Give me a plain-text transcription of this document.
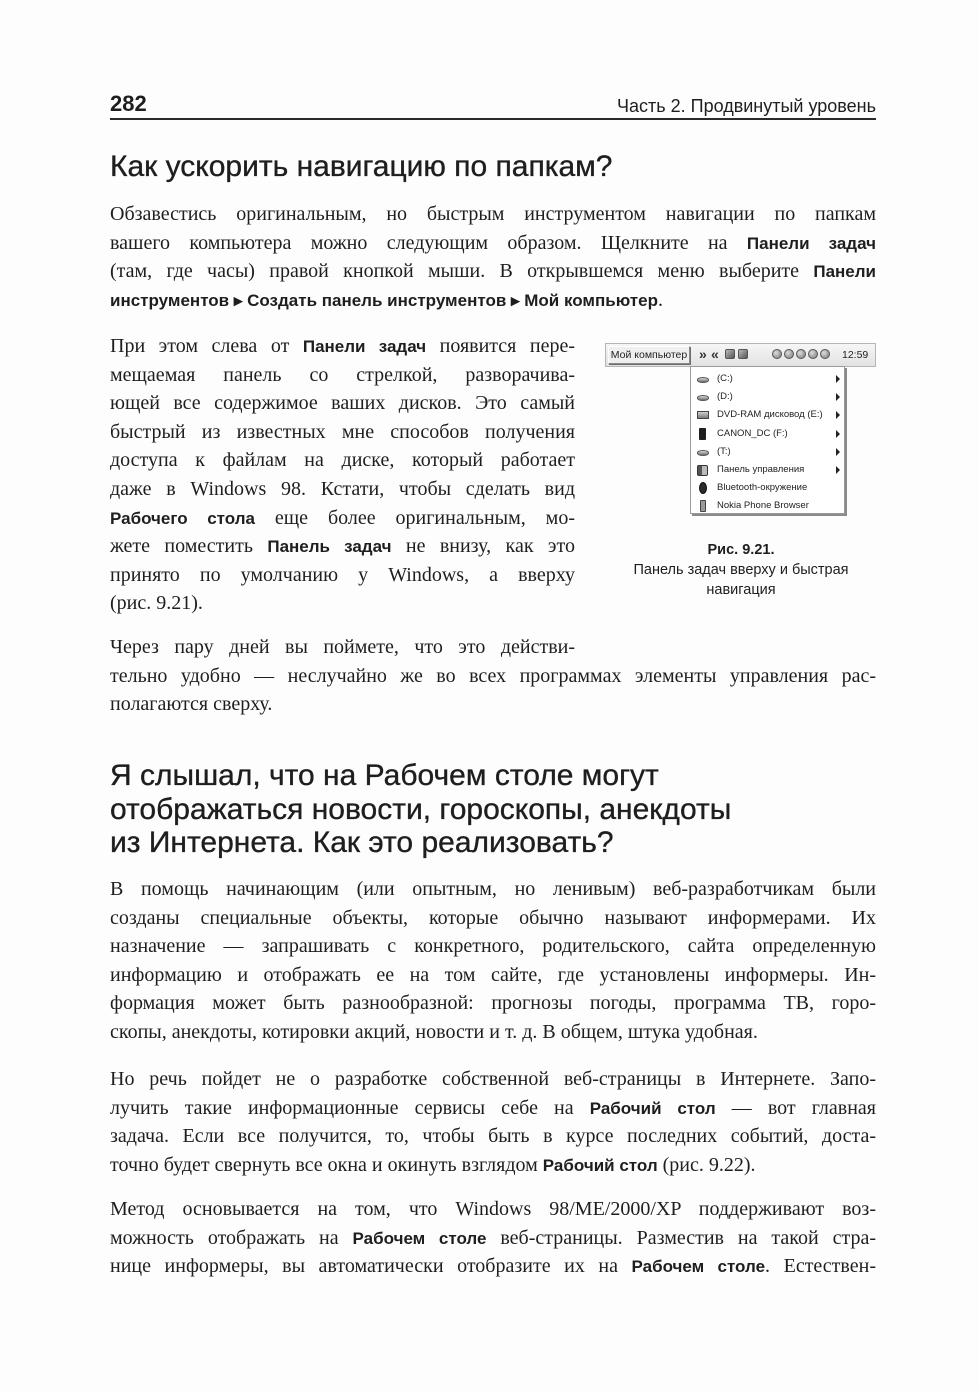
282	Часть 2. Продвинутый уровень
Как ускорить навигацию по папкам?
Обзавестись оригинальным, но быстрым инструментом навигации по папкам
вашего компьютера можно следующим образом. Щелкните на Панели задач
(там, где часы) правой кнопкой мыши. В открывшемся меню выберите Панели
инструментов ▸ Создать панель инструментов ▸ Мой компьютер.
При этом слева от Панели задач появится пере-
мещаемая панель со стрелкой, разворачива-
ющей все содержимое ваших дисков. Это самый
быстрый из известных мне способов получения
доступа к файлам на диске, который работает
даже в Windows 98. Кстати, чтобы сделать вид
Рабочего стола еще более оригинальным, мо-
жете поместить Панель задач не внизу, как это
принято по умолчанию у Windows, а вверху
(рис. 9.21).
Мой компьютер » «	12:59
(C:)
(D:)
DVD-RAM дисковод (E:)
CANON_DC (F:)
(T:)
Панель управления
Bluetooth-окружение
Nokia Phone Browser
Рис. 9.21.
Панель задач вверху и быстрая
навигация
Через пару дней вы поймете, что это действи-
тельно удобно — неслучайно же во всех программах элементы управления рас-
полагаются сверху.
Я слышал, что на Рабочем столе могут
отображаться новости, гороскопы, анекдоты
из Интернета. Как это реализовать?
В помощь начинающим (или опытным, но ленивым) веб-разработчикам были
созданы специальные объекты, которые обычно называют информерами. Их
назначение — запрашивать с конкретного, родительского, сайта определенную
информацию и отображать ее на том сайте, где установлены информеры. Ин-
формация может быть разнообразной: прогнозы погоды, программа ТВ, горо-
скопы, анекдоты, котировки акций, новости и т. д. В общем, штука удобная.
Но речь пойдет не о разработке собственной веб-страницы в Интернете. Запо-
лучить такие информационные сервисы себе на Рабочий стол — вот главная
задача. Если все получится, то, чтобы быть в курсе последних событий, доста-
точно будет свернуть все окна и окинуть взглядом Рабочий стол (рис. 9.22).
Метод основывается на том, что Windows 98/ME/2000/XP поддерживают воз-
можность отображать на Рабочем столе веб-страницы. Разместив на такой стра-
нице информеры, вы автоматически отобразите их на Рабочем столе. Естествен-
